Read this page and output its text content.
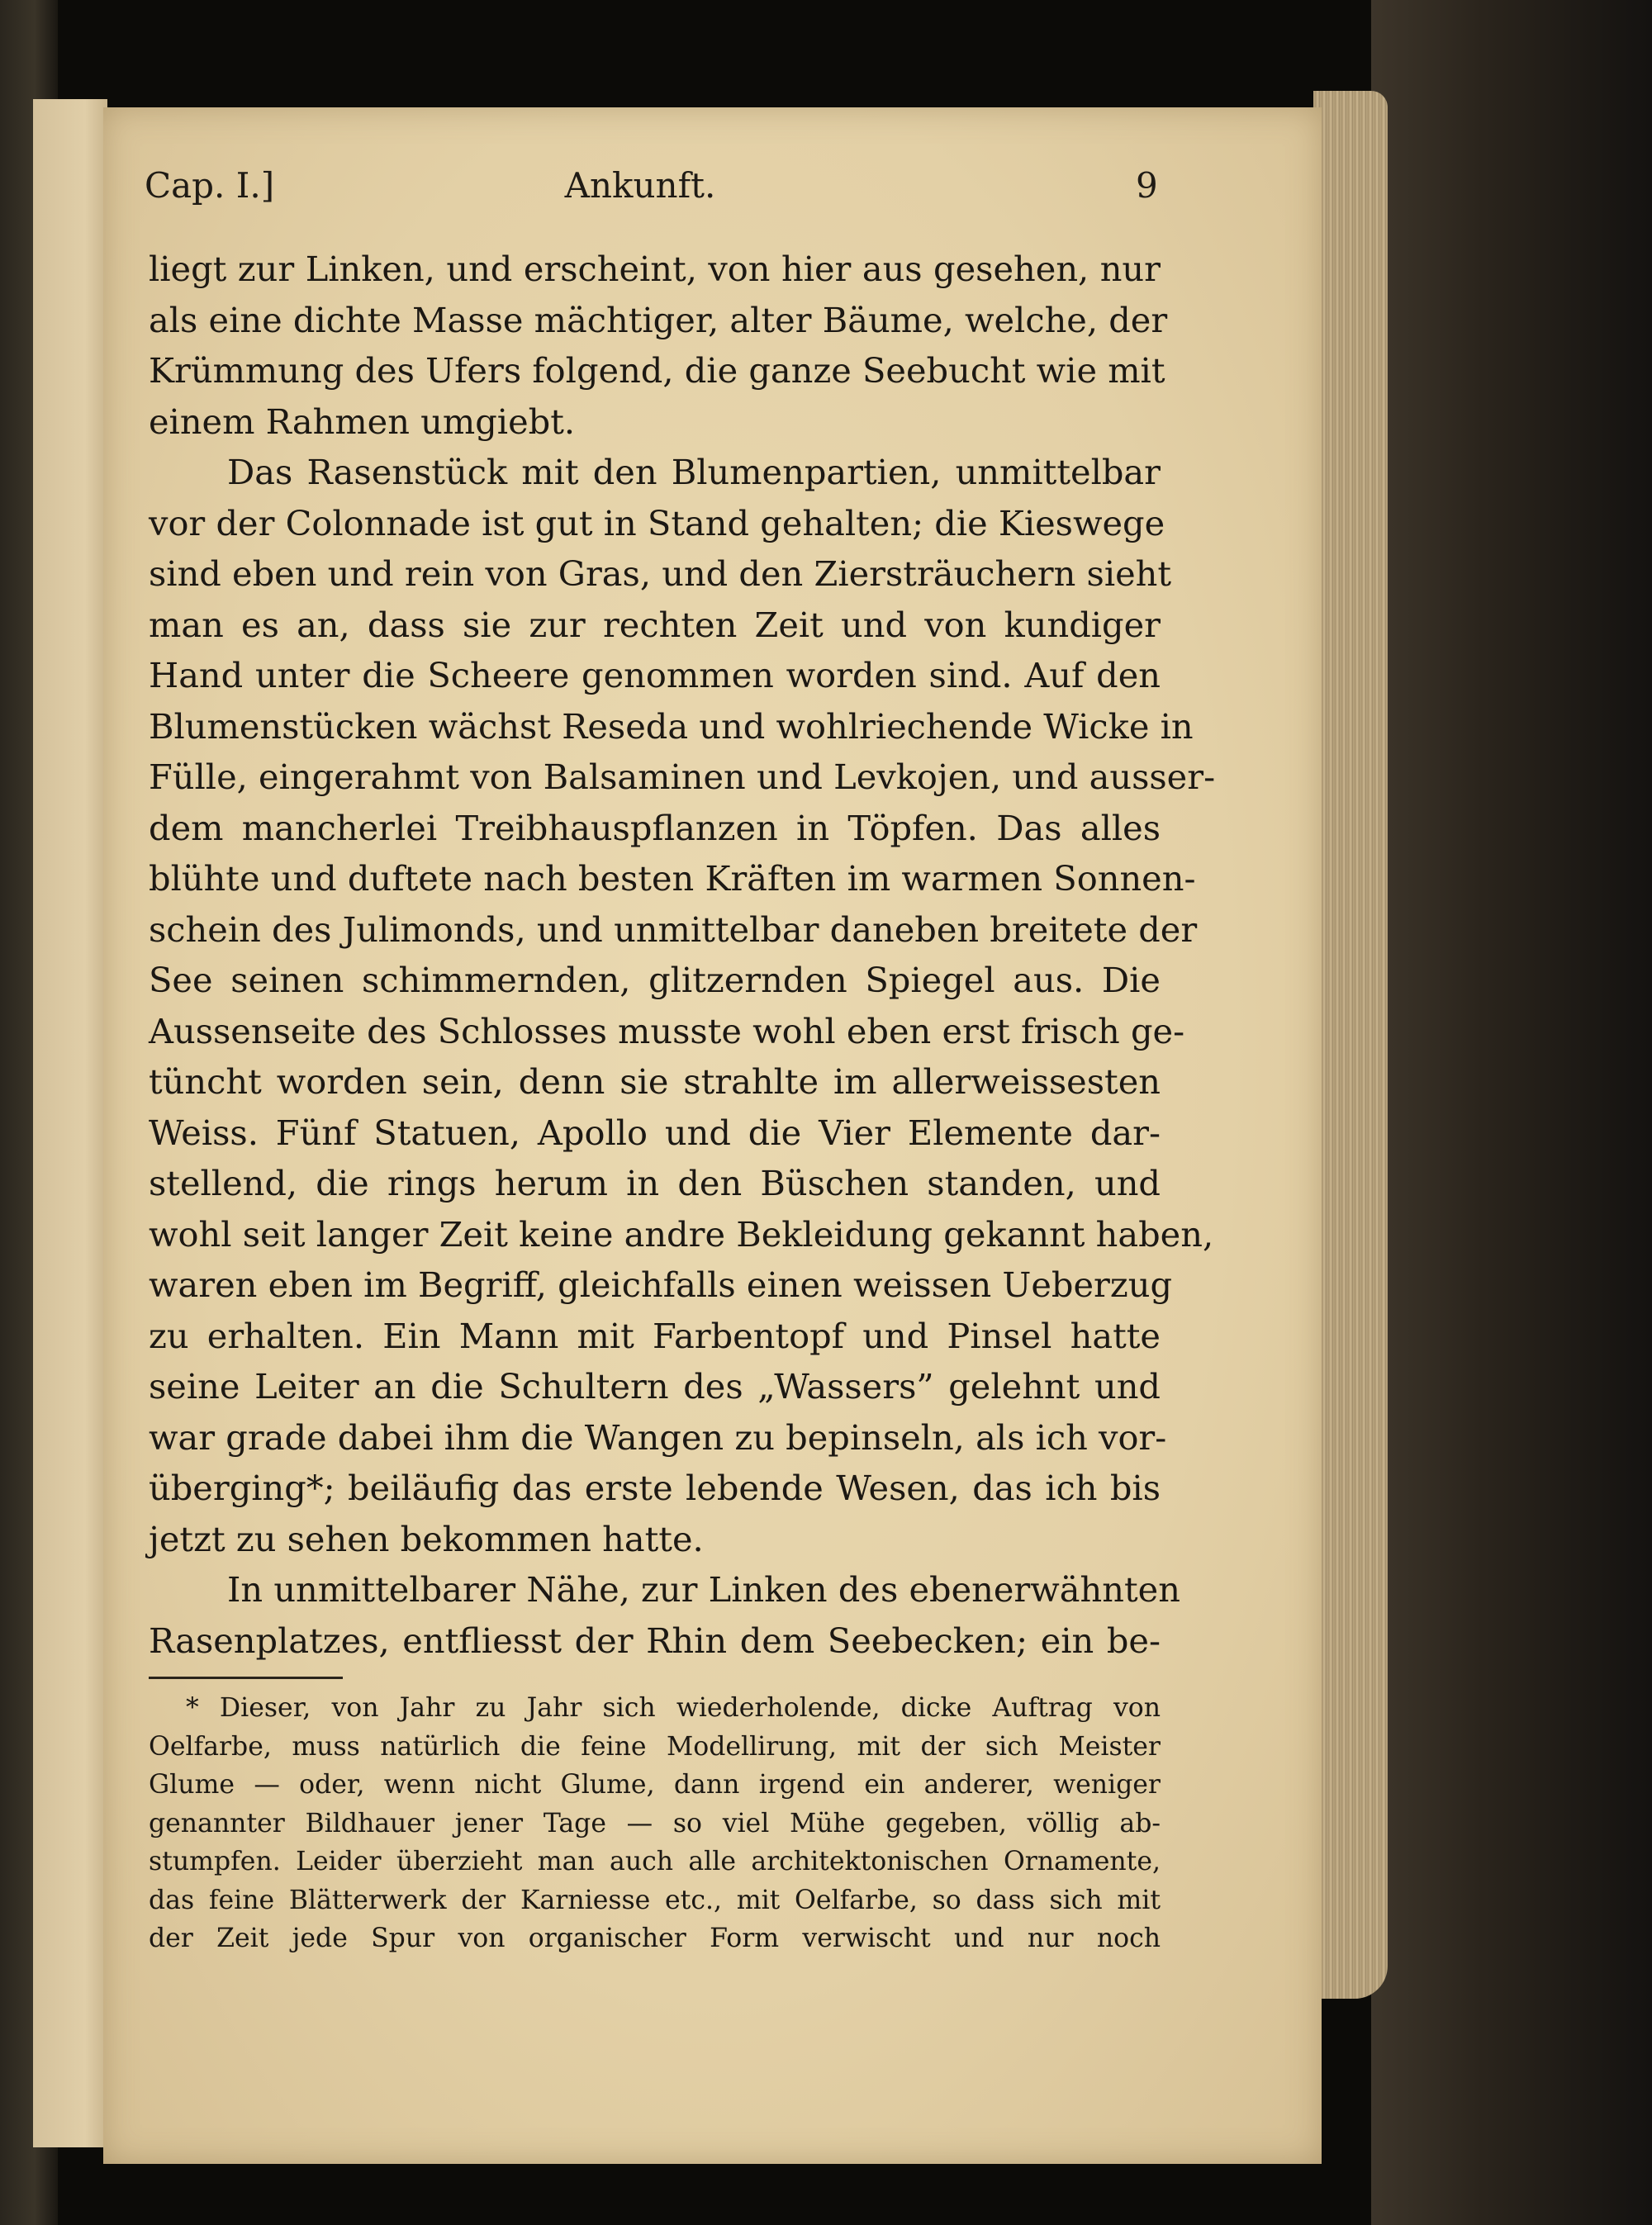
Cap. I.]	Ankunft.	9
liegt zur Linken, und erscheint, von hier aus gesehen, nur
als eine dichte Masse mächtiger, alter Bäume, welche, der
Krümmung des Ufers folgend, die ganze Seebucht wie mit
einem Rahmen umgiebt.
Das Rasenstück mit den Blumenpartien, unmittelbar
vor der Colonnade ist gut in Stand gehalten; die Kieswege
sind eben und rein von Gras, und den Ziersträuchern sieht
man es an, dass sie zur rechten Zeit und von kundiger
Hand unter die Scheere genommen worden sind. Auf den
Blumenstücken wächst Reseda und wohlriechende Wicke in
Fülle, eingerahmt von Balsaminen und Levkojen, und ausser-
dem mancherlei Treibhauspflanzen in Töpfen. Das alles
blühte und duftete nach besten Kräften im warmen Sonnen-
schein des Julimonds, und unmittelbar daneben breitete der
See seinen schimmernden, glitzernden Spiegel aus. Die
Aussenseite des Schlosses musste wohl eben erst frisch ge-
tüncht worden sein, denn sie strahlte im allerweissesten
Weiss. Fünf Statuen, Apollo und die Vier Elemente dar-
stellend, die rings herum in den Büschen standen, und
wohl seit langer Zeit keine andre Bekleidung gekannt haben,
waren eben im Begriff, gleichfalls einen weissen Ueberzug
zu erhalten. Ein Mann mit Farbentopf und Pinsel hatte
seine Leiter an die Schultern des „Wassers” gelehnt und
war grade dabei ihm die Wangen zu bepinseln, als ich vor-
überging*; beiläufig das erste lebende Wesen, das ich bis
jetzt zu sehen bekommen hatte.
In unmittelbarer Nähe, zur Linken des ebenerwähnten
Rasenplatzes, entfliesst der Rhin dem Seebecken; ein be-
* Dieser, von Jahr zu Jahr sich wiederholende, dicke Auftrag von
Oelfarbe, muss natürlich die feine Modellirung, mit der sich Meister
Glume — oder, wenn nicht Glume, dann irgend ein anderer, weniger
genannter Bildhauer jener Tage — so viel Mühe gegeben, völlig ab-
stumpfen. Leider überzieht man auch alle architektonischen Ornamente,
das feine Blätterwerk der Karniesse etc., mit Oelfarbe, so dass sich mit
der Zeit jede Spur von organischer Form verwischt und nur noch
